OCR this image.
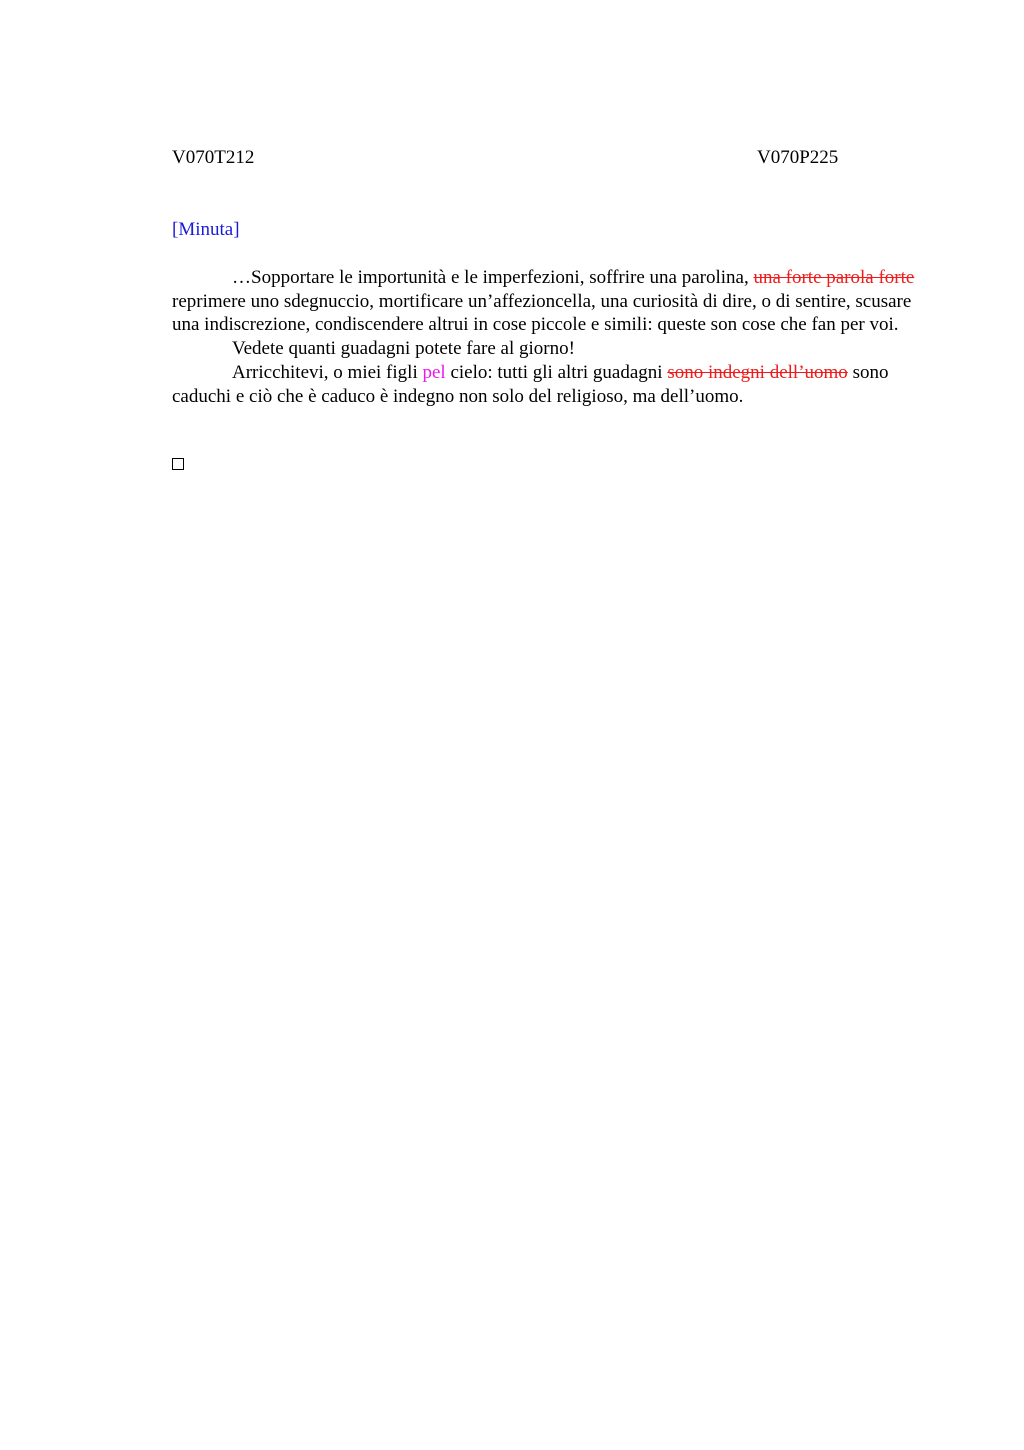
V070T212	V070P225
[Minuta]

…Sopportare le importunità e le imperfezioni, soffrire una parolina, una forte parola forte reprimere uno sdegnuccio, mortificare un’affezioncella, una curiosità di dire, o di sentire, scusare una indiscrezione, condiscendere altrui in cose piccole e simili: queste son cose che fan per voi.

Vedete quanti guadagni potete fare al giorno!

Arricchitevi, o miei figli pel cielo: tutti gli altri guadagni sono indegni dell’uomo sono caduchi e ciò che è caduco è indegno non solo del religioso, ma dell’uomo.
